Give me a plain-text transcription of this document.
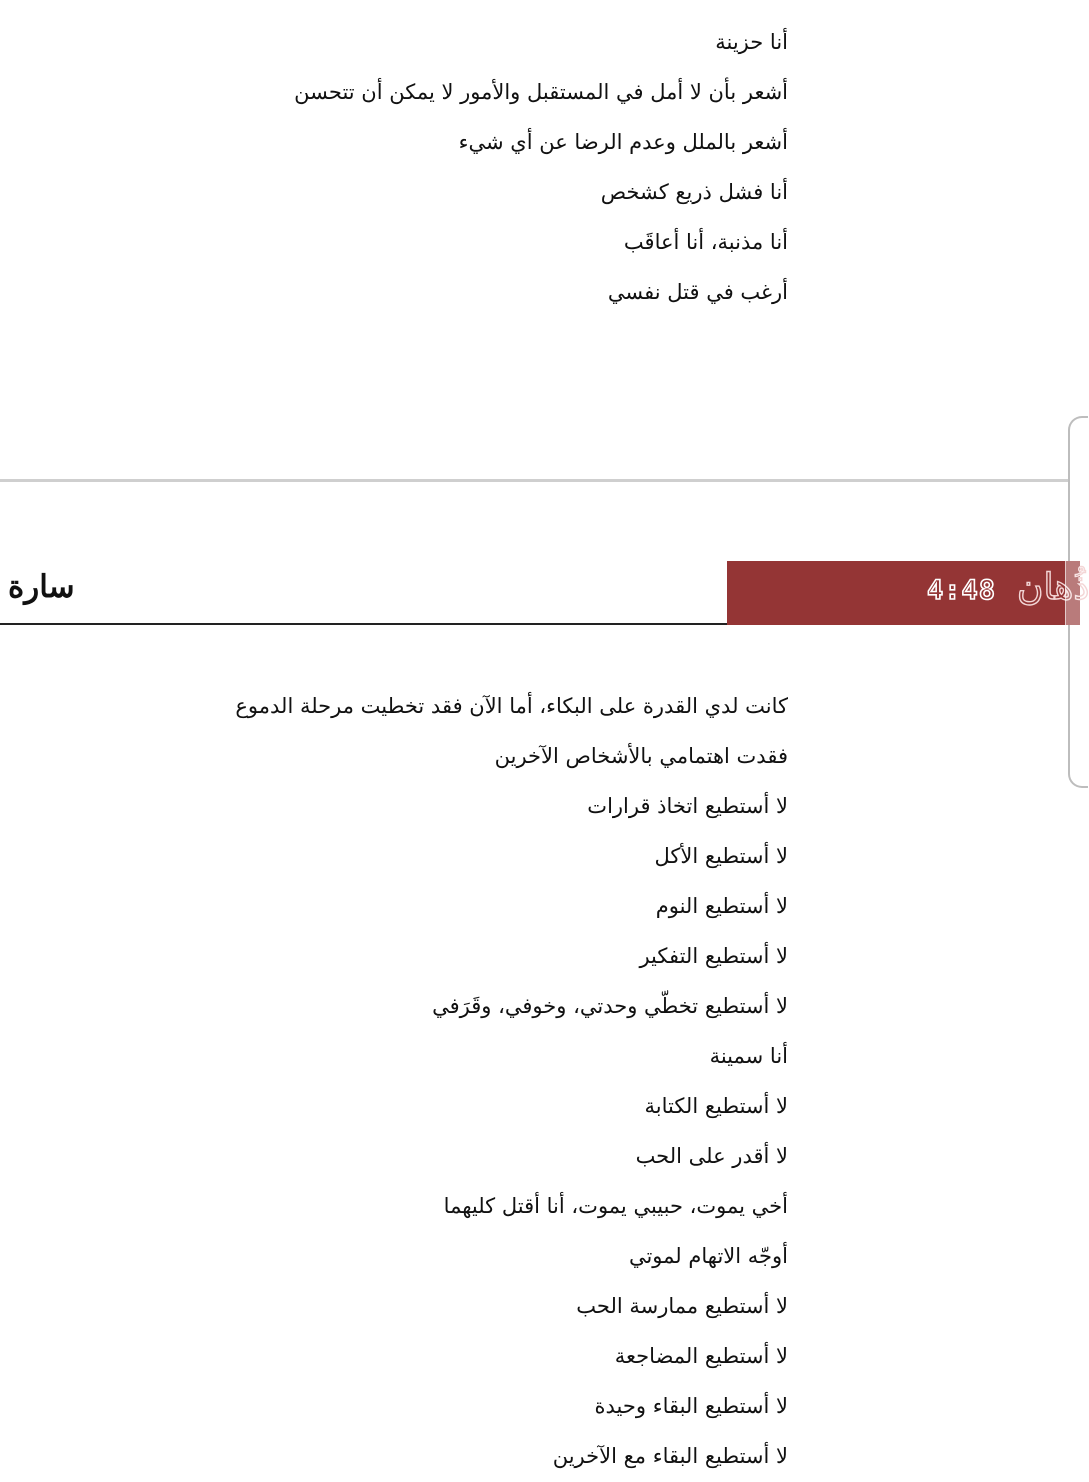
أنا حزينة
أشعر بأن لا أمل في المستقبل والأمور لا يمكن أن تتحسن
أشعر بالملل وعدم الرضا عن أي شيء
أنا فشل ذريع كشخص
أنا مذنبة، أنا أعاقَب
أرغب في قتل نفسي
سارة	4:48 ذُهان
كانت لدي القدرة على البكاء، أما الآن فقد تخطيت مرحلة الدموع
فقدت اهتمامي بالأشخاص الآخرين
لا أستطيع اتخاذ قرارات
لا أستطيع الأكل
لا أستطيع النوم
لا أستطيع التفكير
لا أستطيع تخطّي وحدتي، وخوفي، وقَرَفي
أنا سمينة
لا أستطيع الكتابة
لا أقدر على الحب
أخي يموت، حبيبي يموت، أنا أقتل كليهما
أوجّه الاتهام لموتي
لا أستطيع ممارسة الحب
لا أستطيع المضاجعة
لا أستطيع البقاء وحيدة
لا أستطيع البقاء مع الآخرين
